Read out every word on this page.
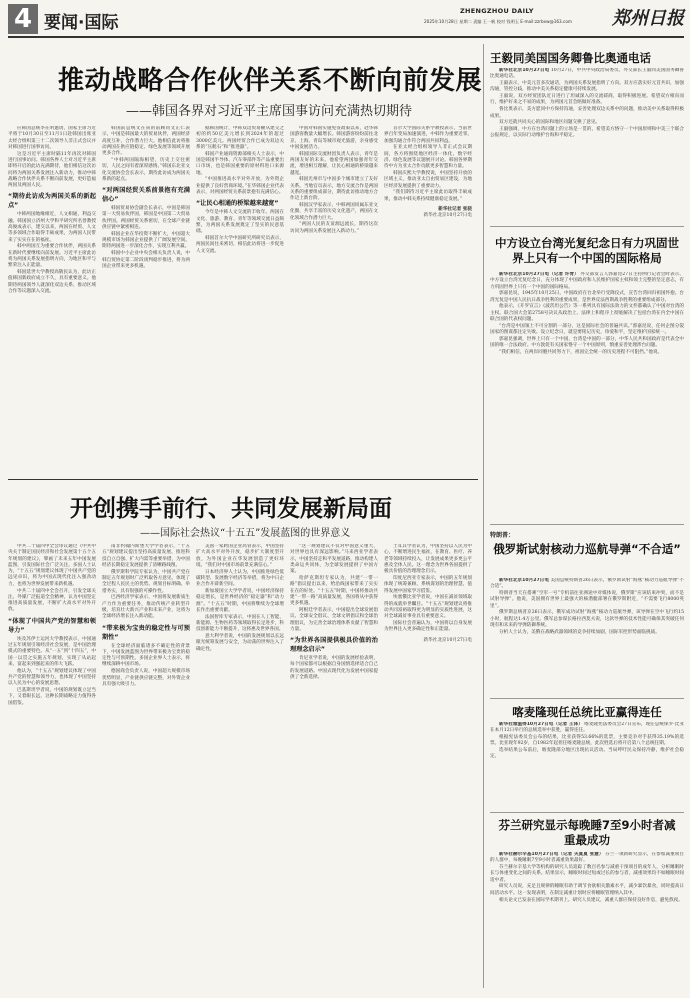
4 要闻·国际
ZHENGZHOU DAILY
2025年10月28日 星期二 责编 王一帆 校对 钱明玉 E-mail:zzrbxw@163.com 郑州日报
推动战略合作伙伴关系不断向前发展
——韩国各界对习近平主席国事访问充满热切期待

应韩国总统李在明邀请，国家主席习近平将于10月30日至11月1日赴韩国出席亚太经合组织第三十二次领导人非正式会议并对韩国进行国事访问。

这是习近平主席时隔11年再次对韩国进行国事访问。韩国各界人士对习近平主席即将开启的此访充满期待，他们相信这次访问将为两国关系发展注入新动力，推动中韩战略合作伙伴关系不断向前发展，更好造福两国及两国人民。

“期待此访成为两国关系的新起点”

中韩两国地缘相近，人文相通，利益交融。韩国国立济州大学和平研究所名誉教授高俊成表示，建交以来，两国在经贸、人文等多领域合作取得丰硕成果，为两国人民带来了实实在在的福祉。

韩中两国互为重要合作伙伴，两国关系在新时代要继续向前发展。习近平主席此访将为两国关系发展指明方向，为地区和平与繁荣注入正能量。

韩国延世大学教授高敬民认为，此访正值韩国新政府成立不久，具有重要意义。他期待两国领导人就深化双边关系、推动区域合作等议题深入交流。

韩国前总统文在寅的前顾问文正仁表示，中国是韩国最大的贸易伙伴，两国经济高度互补，合作潜力巨大。他相信此访将推动两国在供应链稳定、绿色发展等领域开展更多合作。

“中韩两国隔海相望，历史上交往密切，人民之间有着深厚感情。”韩国东北亚文化交流协会会长表示，期待此访成为两国关系新的起点。

“对两国经贸关系前景抱有充满信心”

韩国贸易协会副会长表示，中国是韩国第一大贸易伙伴国，韩国是中国第二大贸易伙伴国。两国经贸关系密切，在全球产业链供应链中紧密相连。

韩国企业在华投资不断扩大，中国超大规模市场为韩国企业提供了广阔发展空间。期待两国进一步深化合作，实现互利共赢。

韩国中小企业中央会相关负责人说，中韩自贸协定第二阶段谈判稳步推进，将为两国企业带来更多机遇。

据韩国统计，中韩双边贸易额从建交之初的约50亿美元增长到2024年的超过3000亿美元。两国经贸合作已成为双边关系的“压舱石”和“推进器”。

韩国产业通商资源部相关人士表示，中国是韩国半导体、汽车零部件等产品重要出口市场，也是韩国重要的原材料进口来源地。

“中国推进高水平对外开放，为外资企业提供了良好营商环境。”在华韩国企业代表表示，对两国经贸关系前景抱有充满信心。

“让民心相通的桥梁越来越宽”

今年是中韩人文交流的丰收年。两国在文化、旅游、教育、青年等领域交流日益频繁，为两国关系发展奠定了坚实的民意基础。

韩国首尔大学中国研究所研究员表示，两国民间往来密切，相信此访将进一步促进人文交流。

中国对韩国实施免签政策以来，赴华韩国游客数量大幅增长。韩国游客纷纷前往北京、上海、青岛等城市观光旅游，亲身感受中国发展活力。

韩国国际交流财团负责人表示，青年是两国友好的未来。他希望两国加强青年交流，增进相互理解，让民心相通的桥梁越来越宽。

韩国光州市与中国多个城市建立了友好关系。当地官员表示，地方交流合作是两国关系的重要组成部分，期待此访推动地方合作迈上新台阶。

韩国汉学家表示，中韩两国同属东亚文化圈，共享丰富的历史文化遗产，两国在文化领域合作潜力巨大。

“两国人民的友谊源远流长，期待这次访问为两国关系发展注入新动力。”

首尔大学国际关系学教授表示，当前世界百年变局加速演进，中韩作为重要近邻，加强沟通合作符合两国共同利益。

在亚太经合组织领导人非正式会议期间，各方将围绕地区经济一体化、数字经济、绿色发展等议题展开讨论。韩国各界期待中方为亚太合作贡献更多智慧和力量。

韩国庆熙大学教授说，中国坚持开放的区域主义，推动亚太自由贸易区建设，为地区经济发展提供了重要动力。

“我们期待习近平主席此访取得丰硕成果，推动中韩关系持续健康稳定发展。”

新华社记者 张骁
新华社北京10月27日电
王毅同美国国务卿鲁比奥通电话

新华社北京10月27日电 10月27日，中共中央政治局委员、外交部长王毅同美国国务卿鲁比奥通电话。

王毅表示，中美元首多次通话，为两国关系发展指明了方向。双方应落实好元首共识，加强沟通，管控分歧，推动中美关系稳定健康可持续发展。

王毅说，双方经贸团队近日进行了坦诚深入的交流磋商，取得积极进展。希望双方相向而行，维护好来之不易的成果，为两国元首会晤做好准备。

鲁比奥表示，美方愿同中方保持沟通，妥善处理双边关系中的问题，推动美中关系取得积极成果。

双方还就共同关心的国际和地区问题交换了意见。

王毅强调，中方在台湾问题上的立场是一贯的，希望美方恪守一个中国原则和中美三个联合公报规定，以实际行动维护台海和平稳定。

中方设立台湾光复纪念日有力巩固世界上只有一个中国的国际格局

新华社北京10月27日电（记者 许青） 外交部发言人郭嘉昆27日主持例行记者会时表示，中方设立台湾光复纪念日，充分体现了中国政府和人民维护国家主权和领土完整的坚定意志，有力巩固世界上只有一个中国的国际格局。

郭嘉昆说，1945年10月25日，中国政府在台北举行受降仪式，宣告台湾回归祖国怀抱。台湾光复是中国人民抗日战争胜利的重要成果，是世界反法西斯战争胜利的重要组成部分。

他表示，《开罗宣言》《波茨坦公告》等一系列具有国际法效力的文件都确认了中国对台湾的主权。联合国大会第2758号决议从政治上、法律上和程序上彻底解决了包括台湾在内全中国在联合国的代表权问题。

“台湾是中国领土不可分割的一部分，这是国际社会的普遍共识。”郭嘉昆说，任何企图分裂国家的图谋都注定失败。设立纪念日，就是要铭记历史，珍爱和平，坚定维护国家统一。

郭嘉昆强调，世界上只有一个中国，台湾是中国的一部分，中华人民共和国政府是代表全中国的唯一合法政府。中方敦促有关国家恪守一个中国原则，慎重妥善处理涉台问题。

“我们相信，在两岸同胞共同努力下，祖国完全统一的历史进程不可阻挡。”他说。

特朗普：
俄罗斯试射核动力巡航导弹“不合适”

新华社北京10月27日电 美国总统特朗普26日表示，俄罗斯试射“海燕”核动力巡航导弹“不合适”。

特朗普当天在搭乘“空军一号”专机前往亚洲途中对媒体说，俄罗斯“应该结束冲突，而不是试射导弹”。他说，美国拥有世界上最强大的核潜艇部署在俄罗斯附近，“不需要飞行8000英里”。

俄罗斯总统普京26日表示，俄军成功试射“海燕”核动力巡航导弹，该导弹在空中飞行约15小时，航程达1.4万公里。俄军总参谋长格拉西莫夫说，这款导弹的技术性能可确保其突破任何现有和未来的导弹防御系统。

分析人士认为，美俄在战略武器领域的竞争持续加剧，国际军控形势面临挑战。

喀麦隆现任总统比亚赢得连任

新华社雅温得10月27日电（记者 王泽） 喀麦隆宪法委员会27日宣布，现任总统保罗·比亚在本月12日举行的总统选举中获胜，赢得连任。

根据宪法委员会公布的结果，比亚获得53.66%的选票，主要竞争对手获得35.19%的选票。比亚现年92岁，自1982年起担任喀麦隆总统，此次胜选后将开启第八个总统任期。

选举结果公布前后，喀麦隆部分地区出现抗议活动。当局呼吁民众保持冷静，维护社会稳定。

芬兰研究显示每晚睡7至9小时者减重最成功

新华社赫尔辛基10月27日电（记者 关夏夏 张慧） 芬兰一项新研究显示，在参加减重项目的人群中，每晚睡眠7至9小时者减重效果最好。

芬兰赫尔辛基大学等机构的研究人员追踪了数百名参与减重干预项目的成年人，分析睡眠时长与体重变化之间的关系。结果显示，睡眠时间过短或过长的参与者，减重效果均不如睡眠时间适中者。

研究人员说，充足且规律的睡眠有助于调节食欲相关激素水平，减少暴饮暴食，同时提高日间活动水平。这一发现表明，在制定减重计划时应将睡眠管理纳入其中。

相关论文已发表在国际学术期刊上。研究人员建议，减重人群应保持良好作息，避免熬夜。

开创携手前行、共同发展新局面
——国际社会热议“十五五”发展蓝图的世界意义

中共二十届四中全会审议通过《中共中央关于制定国民经济和社会发展第十五个五年规划的建议》，擘画了未来五年中国发展蓝图，引发国际社会广泛关注。多国人士认为，“十五五”规划建议体现了中国共产党的远见卓识，将为中国式现代化注入强劲动力，也将为世界发展带来新机遇。

中共二十届四中全会召开，引发全球关注。外媒广泛报道全会精神，认为中国坚定推进高质量发展，不断扩大高水平对外开放。

“体现了中国共产党的智慧和领导力”

埃及苏伊士运河大学教授表示，中国通过五年规划引领经济社会发展，是中国治理模式的重要特色。从“一五”到“十四五”，中国一以贯之实施五年规划，实现了从站起来、富起来到强起来的伟大飞跃。

他认为，“十五五”规划建议体现了中国共产党的智慧和领导力，也体现了中国坚持以人民为中心的发展思想。

巴基斯坦学者说，中国的规划既立足当下，又着眼长远，这种长期战略定力值得各国借鉴。

南非约翰内斯堡大学学者表示，“十五五”规划建议提出坚持高质量发展、推进科技自立自强、扩大内需等重要举措，为中国经济长期稳定发展提供了清晰路线图。

俄罗斯科学院专家认为，中国共产党在制定五年规划时广泛听取各方意见，体现了全过程人民民主的优势。规划目标明确、举措务实，具有很强的可操作性。

巴西经济学家表示，中国将发展新质生产力作为重要任务，推动传统产业转型升级，培育壮大新兴产业和未来产业，这将为全球经济增长注入新动能。

“带来极为宝贵的稳定性与可预期性”

在全球经济面临诸多不确定性的背景下，中国发展蓝图为世界带来极为宝贵的稳定性与可预期性。多国企业界人士表示，将继续深耕中国市场。

德国商会负责人说，中国超大规模市场优势明显，产业链供应链完整，对外资企业具有强大吸引力。

美国一家跨国企业高管表示，中国坚持扩大高水平对外开放，稳步扩大制度型开放，为外国企业在华发展创造了更好环境。“我们对中国市场前景充满信心。”

日本经济界人士认为，中国推进绿色低碳转型、发展数字经济等举措，将为中日企业合作开辟新空间。

新加坡国立大学学者说，中国经济保持稳定增长，是世界经济的“稳定器”和“动力源”。“十五五”时期，中国将继续为全球增长作出重要贡献。

法国智库专家表示，中国在人工智能、新能源、生物医药等领域取得长足进步，科技创新能力不断提升，这将惠及世界各国。

意大利学者说，中国的发展规划以长远眼光统筹发展与安全，为动荡的世界注入了确定性。

“这一规划建议不仅对中国意义重大，对世界也具有深远影响。”马来西亚学者表示，中国坚持走和平发展道路，推动构建人类命运共同体，为全球发展提供了中国方案。

哈萨克斯坦专家认为，共建“一带一路”倡议提出以来，给沿线国家带来了实实在在的好处。“十五五”时期，中国将推动共建“一带一路”高质量发展，各国将从中获得更多机遇。

阿根廷学者表示，中国提出全球发展倡议、全球安全倡议、全球文明倡议和全球治理倡议，为完善全球治理体系贡献了智慧和力量。

“为世界各国提供极具价值的治理理念启示”

肯尼亚学者说，中国的发展经验表明，每个国家都可以根据自身国情选择适合自己的发展道路。中国式现代化为发展中国家提供了全新选择。

土耳其学者认为，中国坚持以人民为中心，不断增进民生福祉，在教育、医疗、养老等领域持续投入，让发展成果更多更公平惠及全体人民。这一理念为世界各国提供了极具价值的治理理念启示。

印度尼西亚专家表示，中国的五年规划体现了统筹兼顾、系统谋划的治理智慧，值得发展中国家学习借鉴。

埃塞俄比亚学者说，中国在减贫领域取得的成就举世瞩目。“十五五”规划建议将推动共同富裕取得更为明显的实质性进展，这对全球减贫事业具有重要意义。

国际社会普遍认为，中国将以自身发展为世界注入更多确定性和正能量。

新华社北京10月27日电
